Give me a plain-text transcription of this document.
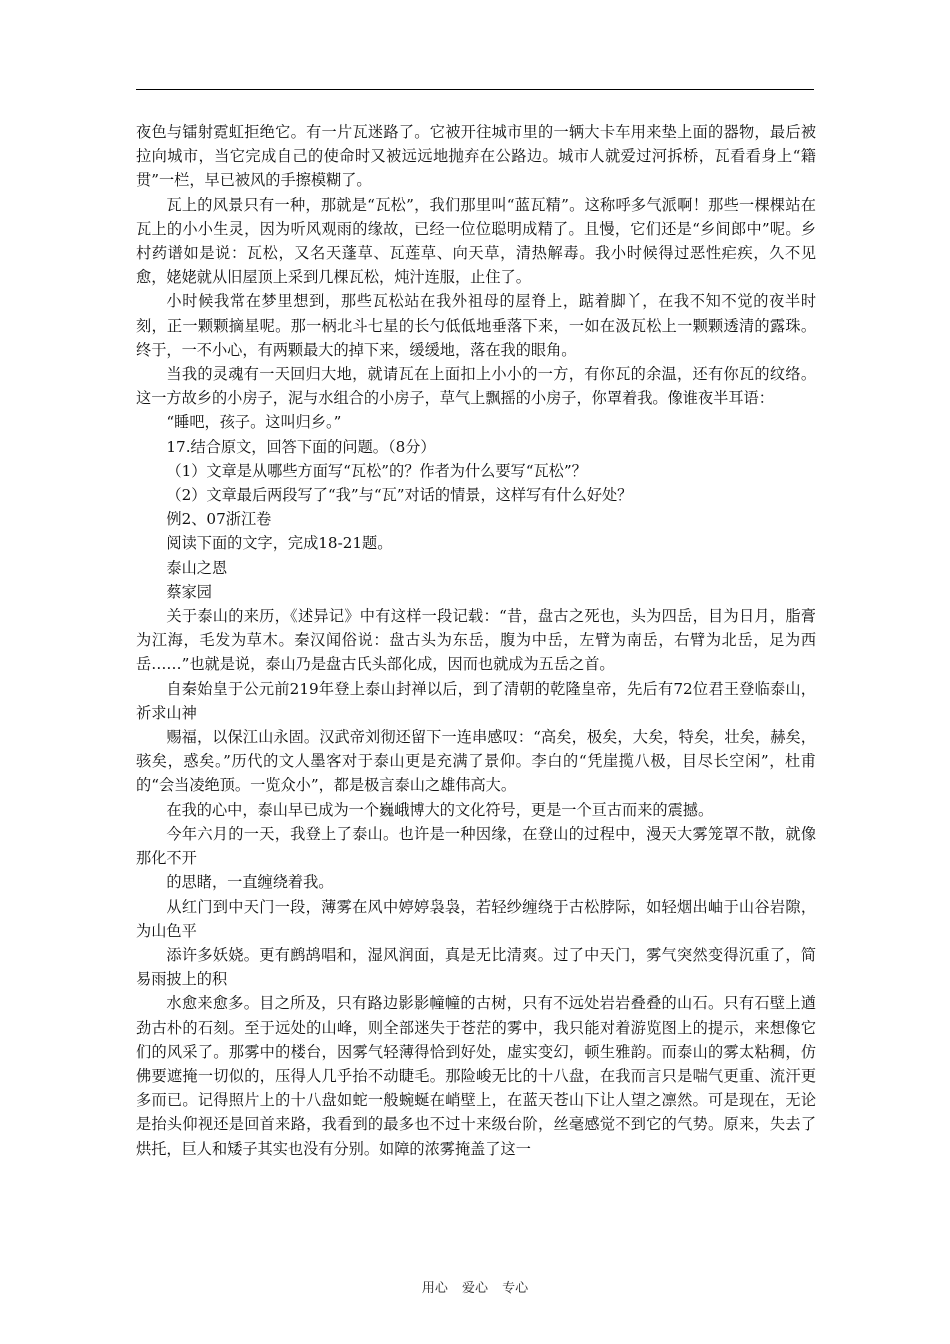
夜色与镭射霓虹拒绝它。有一片瓦迷路了。它被开往城市里的一辆大卡车用来垫上面的器物，最后被拉向城市，当它完成自己的使命时又被远远地抛弃在公路边。城市人就爱过河拆桥，瓦看看身上“籍贯”一栏，早已被风的手擦模糊了。

瓦上的风景只有一种，那就是“瓦松”，我们那里叫“蓝瓦精”。这称呼多气派啊！那些一棵棵站在瓦上的小小生灵，因为听风观雨的缘故，已经一位位聪明成精了。且慢，它们还是“乡间郎中”呢。乡村药谱如是说：瓦松，又名天蓬草、瓦莲草、向天草，清热解毒。我小时候得过恶性疟疾，久不见愈，姥姥就从旧屋顶上采到几棵瓦松，炖汁连服，止住了。

小时候我常在梦里想到，那些瓦松站在我外祖母的屋脊上，踮着脚丫，在我不知不觉的夜半时刻，正一颗颗摘星呢。那一柄北斗七星的长勺低低地垂落下来，一如在汲瓦松上一颗颗透清的露珠。终于，一不小心，有两颗最大的掉下来，缓缓地，落在我的眼角。

当我的灵魂有一天回归大地，就请瓦在上面扣上小小的一方，有你瓦的余温，还有你瓦的纹络。这一方故乡的小房子，泥与水组合的小房子，草气上飘摇的小房子，你罩着我。像谁夜半耳语：

“睡吧，孩子。这叫归乡。”

17.结合原文，回答下面的问题。（8分）

（1）文章是从哪些方面写“瓦松”的？作者为什么要写“瓦松”？

（2）文章最后两段写了“我”与“瓦”对话的情景，这样写有什么好处？

例2、07浙江卷

阅读下面的文字，完成18-21题。

泰山之恩

蔡家园

关于泰山的来历，《述异记》中有这样一段记载：“昔，盘古之死也，头为四岳，目为日月，脂膏为江海，毛发为草木。秦汉闻俗说：盘古头为东岳，腹为中岳，左臂为南岳，右臂为北岳，足为西岳……”也就是说，泰山乃是盘古氏头部化成，因而也就成为五岳之首。

自秦始皇于公元前219年登上泰山封禅以后，到了清朝的乾隆皇帝，先后有72位君王登临泰山，祈求山神

赐福，以保江山永固。汉武帝刘彻还留下一连串感叹：“高矣，极矣，大矣，特矣，壮矣，赫矣，骇矣，惑矣。”历代的文人墨客对于泰山更是充满了景仰。李白的“凭崖揽八极，目尽长空闲”，杜甫的“会当凌绝顶。一览众小”，都是极言泰山之雄伟高大。

在我的心中，泰山早已成为一个巍峨博大的文化符号，更是一个亘古而来的震撼。

今年六月的一天，我登上了泰山。也许是一种因缘，在登山的过程中，漫天大雾笼罩不散，就像那化不开

的思睹，一直缠绕着我。

从红门到中天门一段，薄雾在风中婷婷袅袅，若轻纱缠绕于古松脖际，如轻烟出岫于山谷岩隙，为山色平

添许多妖娆。更有鹧鸪唱和，湿风润面，真是无比清爽。过了中天门，雾气突然变得沉重了，简易雨披上的积

水愈来愈多。目之所及，只有路边影影幢幢的古树，只有不远处岩岩叠叠的山石。只有石壁上遒劲古朴的石刻。至于远处的山峰，则全部迷失于苍茫的雾中，我只能对着游览图上的提示，来想像它们的风采了。那雾中的楼台，因雾气轻薄得恰到好处，虚实变幻，顿生雅韵。而泰山的雾太粘稠，仿佛要遮掩一切似的，压得人几乎抬不动睫毛。那险峻无比的十八盘，在我而言只是喘气更重、流汗更多而已。记得照片上的十八盘如蛇一般蜿蜒在峭壁上，在蓝天苍山下让人望之凛然。可是现在，无论是抬头仰视还是回首来路，我看到的最多也不过十来级台阶，丝毫感觉不到它的气势。原来，失去了烘托，巨人和矮子其实也没有分别。如障的浓雾掩盖了这一

用心 爱心 专心
